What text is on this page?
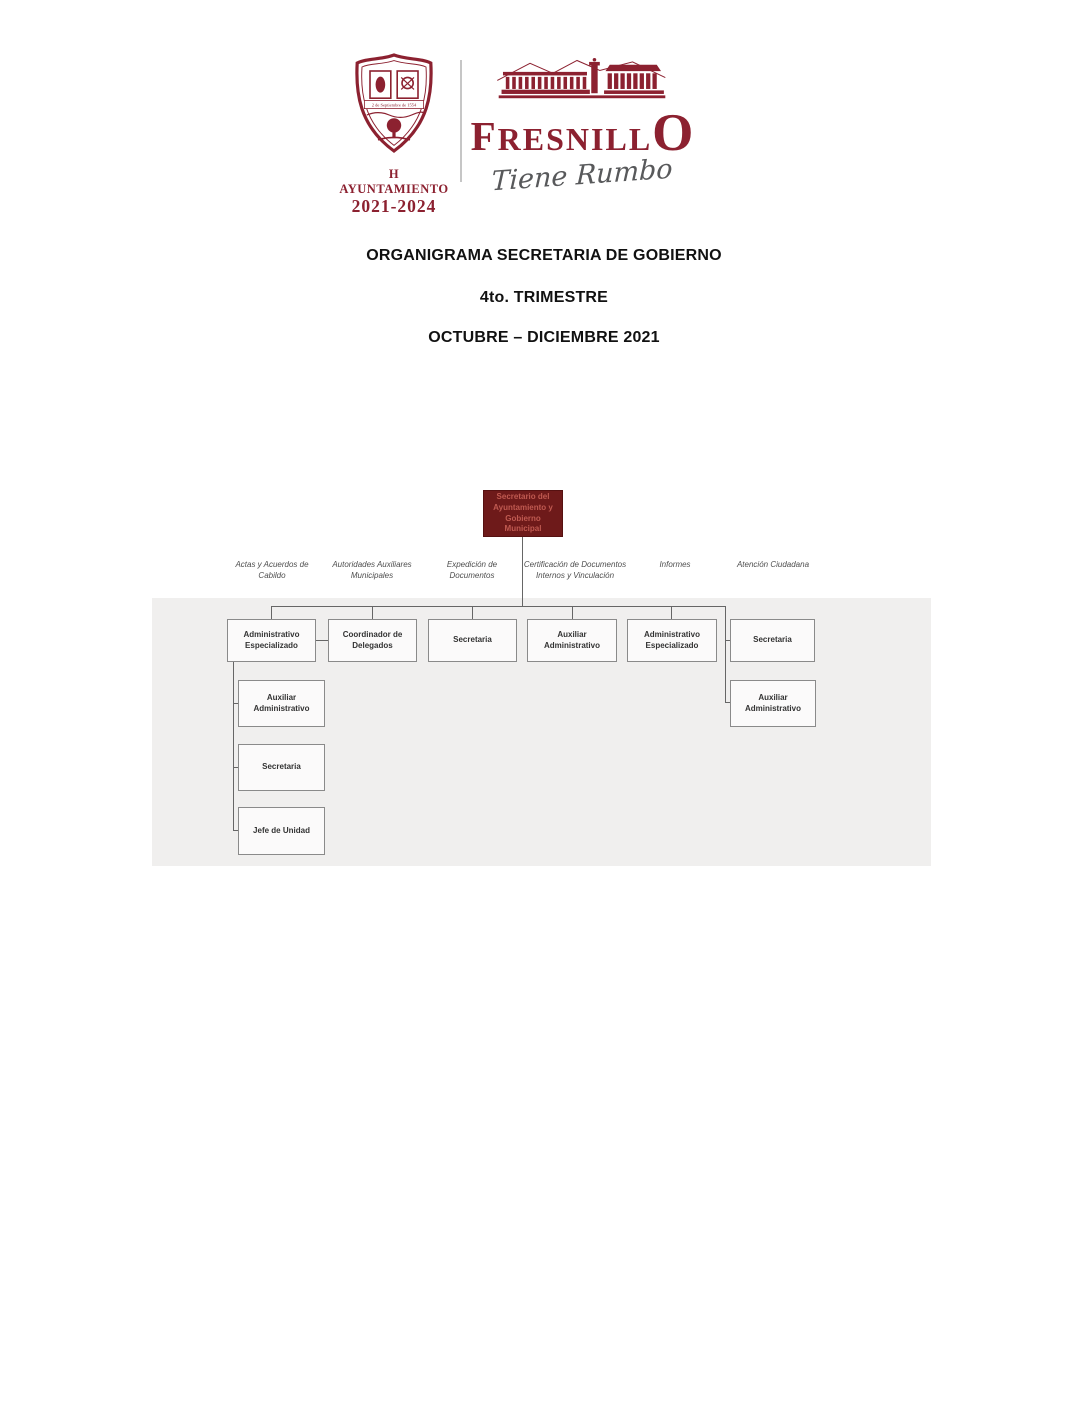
2 de Septiembre de 1554
H AYUNTAMIENTO
2021-2024
FRESNILLO
Tiene Rumbo
ORGANIGRAMA SECRETARIA DE GOBIERNO
4to. TRIMESTRE
OCTUBRE – DICIEMBRE 2021
Secretario del Ayuntamiento y Gobierno Municipal
Actas y Acuerdos de Cabildo
Autoridades Auxiliares Municipales
Expedición de Documentos
Certificación de Documentos Internos y Vinculación
Informes	Atención Ciudadana
Administrativo Especializado
Coordinador de Delegados
Secretaria
Auxiliar Administrativo
Administrativo Especializado
Secretaria
Auxiliar Administrativo
Secretaria
Jefe de Unidad
Auxiliar Administrativo
